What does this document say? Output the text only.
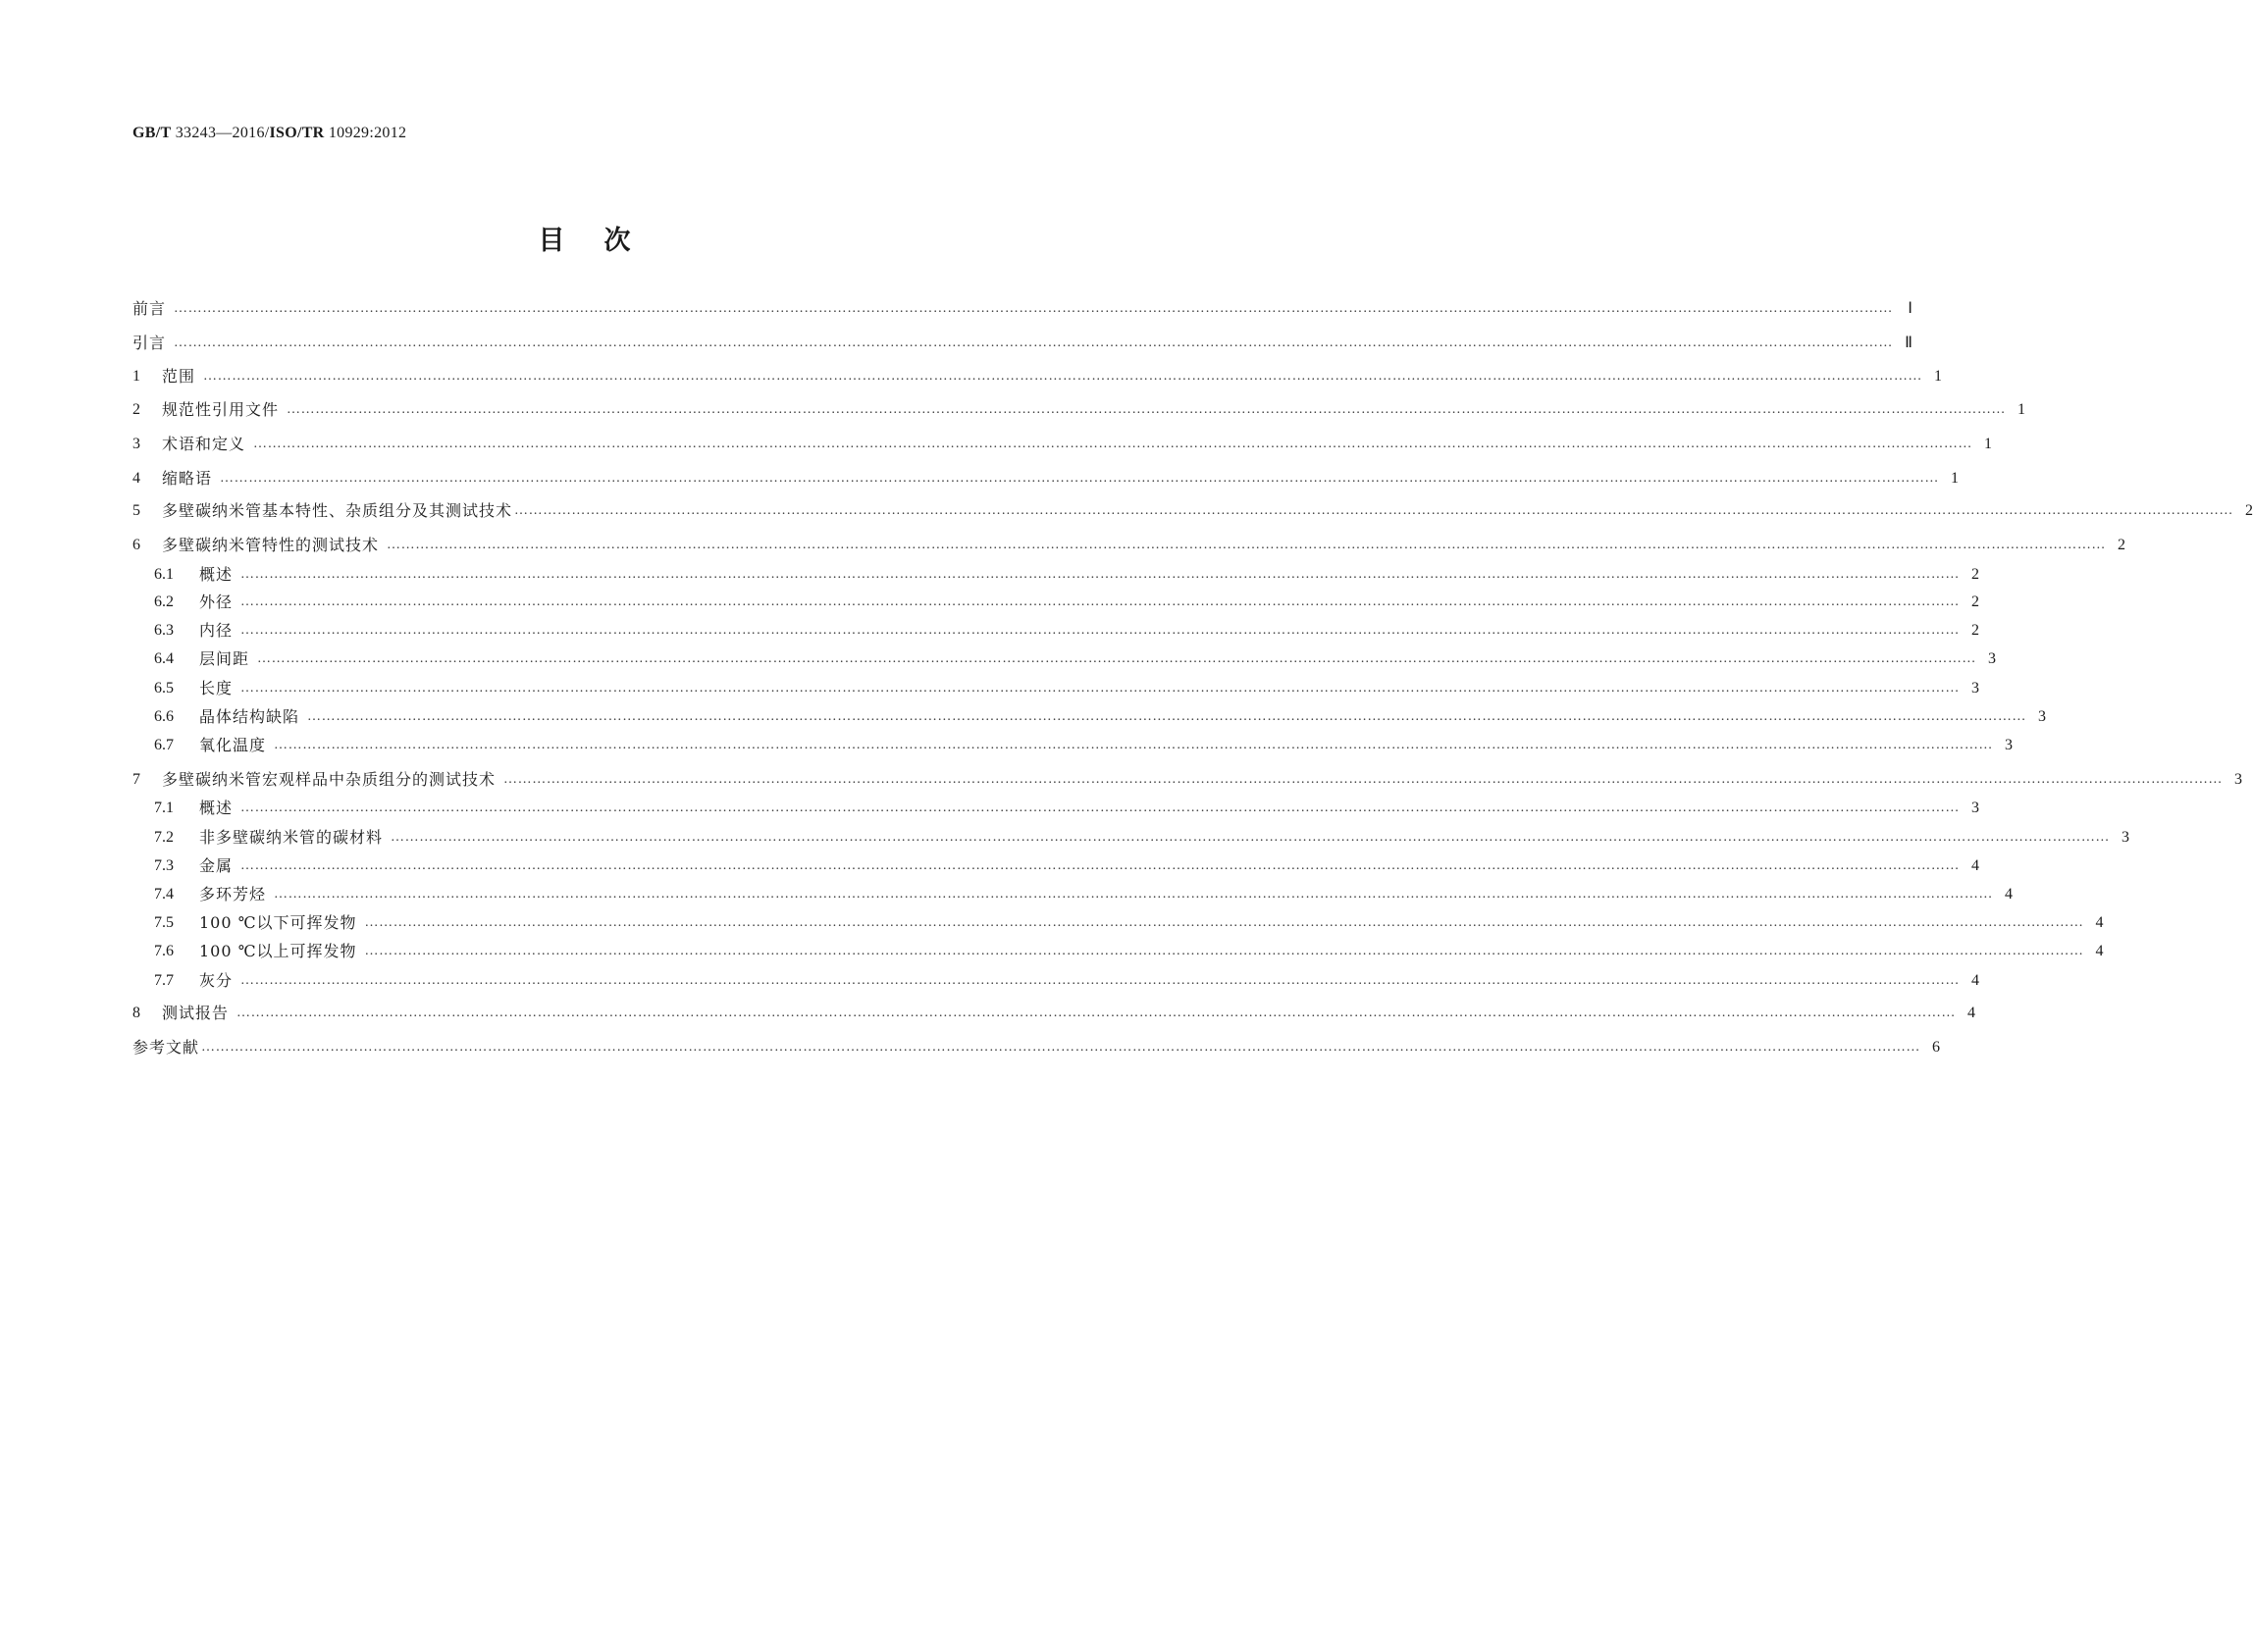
GB/T 33243—2016/ISO/TR 10929:2012
目次
前言 ……………………………………………………………………………………………………………………………………………………………………………………………………………………………………………………………………………………………………………………………… Ⅰ
引言 ……………………………………………………………………………………………………………………………………………………………………………………………………………………………………………………………………………………………………………………………… Ⅱ
1	范围 ……………………………………………………………………………………………………………………………………………………………………………………………………………………………………………………………………………………………………………………………… 1
2	规范性引用文件 ……………………………………………………………………………………………………………………………………………………………………………………………………………………………………………………………………………………………………………………………… 1
3	术语和定义 ……………………………………………………………………………………………………………………………………………………………………………………………………………………………………………………………………………………………………………………………… 1
4	缩略语 ……………………………………………………………………………………………………………………………………………………………………………………………………………………………………………………………………………………………………………………………… 1
5	多壁碳纳米管基本特性、杂质组分及其测试技术 ……………………………………………………………………………………………………………………………………………………………………………………………………………………………………………………………………………………………………………………………… 2
6	多壁碳纳米管特性的测试技术 ……………………………………………………………………………………………………………………………………………………………………………………………………………………………………………………………………………………………………………………………… 2
6.1	概述 ……………………………………………………………………………………………………………………………………………………………………………………………………………………………………………………………………………………………………………………………… 2
6.2	外径 ……………………………………………………………………………………………………………………………………………………………………………………………………………………………………………………………………………………………………………………………… 2
6.3	内径 ……………………………………………………………………………………………………………………………………………………………………………………………………………………………………………………………………………………………………………………………… 2
6.4	层间距 ……………………………………………………………………………………………………………………………………………………………………………………………………………………………………………………………………………………………………………………………… 3
6.5	长度 ……………………………………………………………………………………………………………………………………………………………………………………………………………………………………………………………………………………………………………………………… 3
6.6	晶体结构缺陷 ……………………………………………………………………………………………………………………………………………………………………………………………………………………………………………………………………………………………………………………………… 3
6.7	氧化温度 ……………………………………………………………………………………………………………………………………………………………………………………………………………………………………………………………………………………………………………………………… 3
7	多壁碳纳米管宏观样品中杂质组分的测试技术 ……………………………………………………………………………………………………………………………………………………………………………………………………………………………………………………………………………………………………………………………… 3
7.1	概述 ……………………………………………………………………………………………………………………………………………………………………………………………………………………………………………………………………………………………………………………………… 3
7.2	非多壁碳纳米管的碳材料 ……………………………………………………………………………………………………………………………………………………………………………………………………………………………………………………………………………………………………………………………… 3
7.3	金属 ……………………………………………………………………………………………………………………………………………………………………………………………………………………………………………………………………………………………………………………………… 4
7.4	多环芳烃 ……………………………………………………………………………………………………………………………………………………………………………………………………………………………………………………………………………………………………………………………… 4
7.5	100 ℃以下可挥发物 ……………………………………………………………………………………………………………………………………………………………………………………………………………………………………………………………………………………………………………………………… 4
7.6	100 ℃以上可挥发物 ……………………………………………………………………………………………………………………………………………………………………………………………………………………………………………………………………………………………………………………………… 4
7.7	灰分 ……………………………………………………………………………………………………………………………………………………………………………………………………………………………………………………………………………………………………………………………… 4
8	测试报告 ……………………………………………………………………………………………………………………………………………………………………………………………………………………………………………………………………………………………………………………………… 4
参考文献 ……………………………………………………………………………………………………………………………………………………………………………………………………………………………………………………………………………………………………………………………… 6
